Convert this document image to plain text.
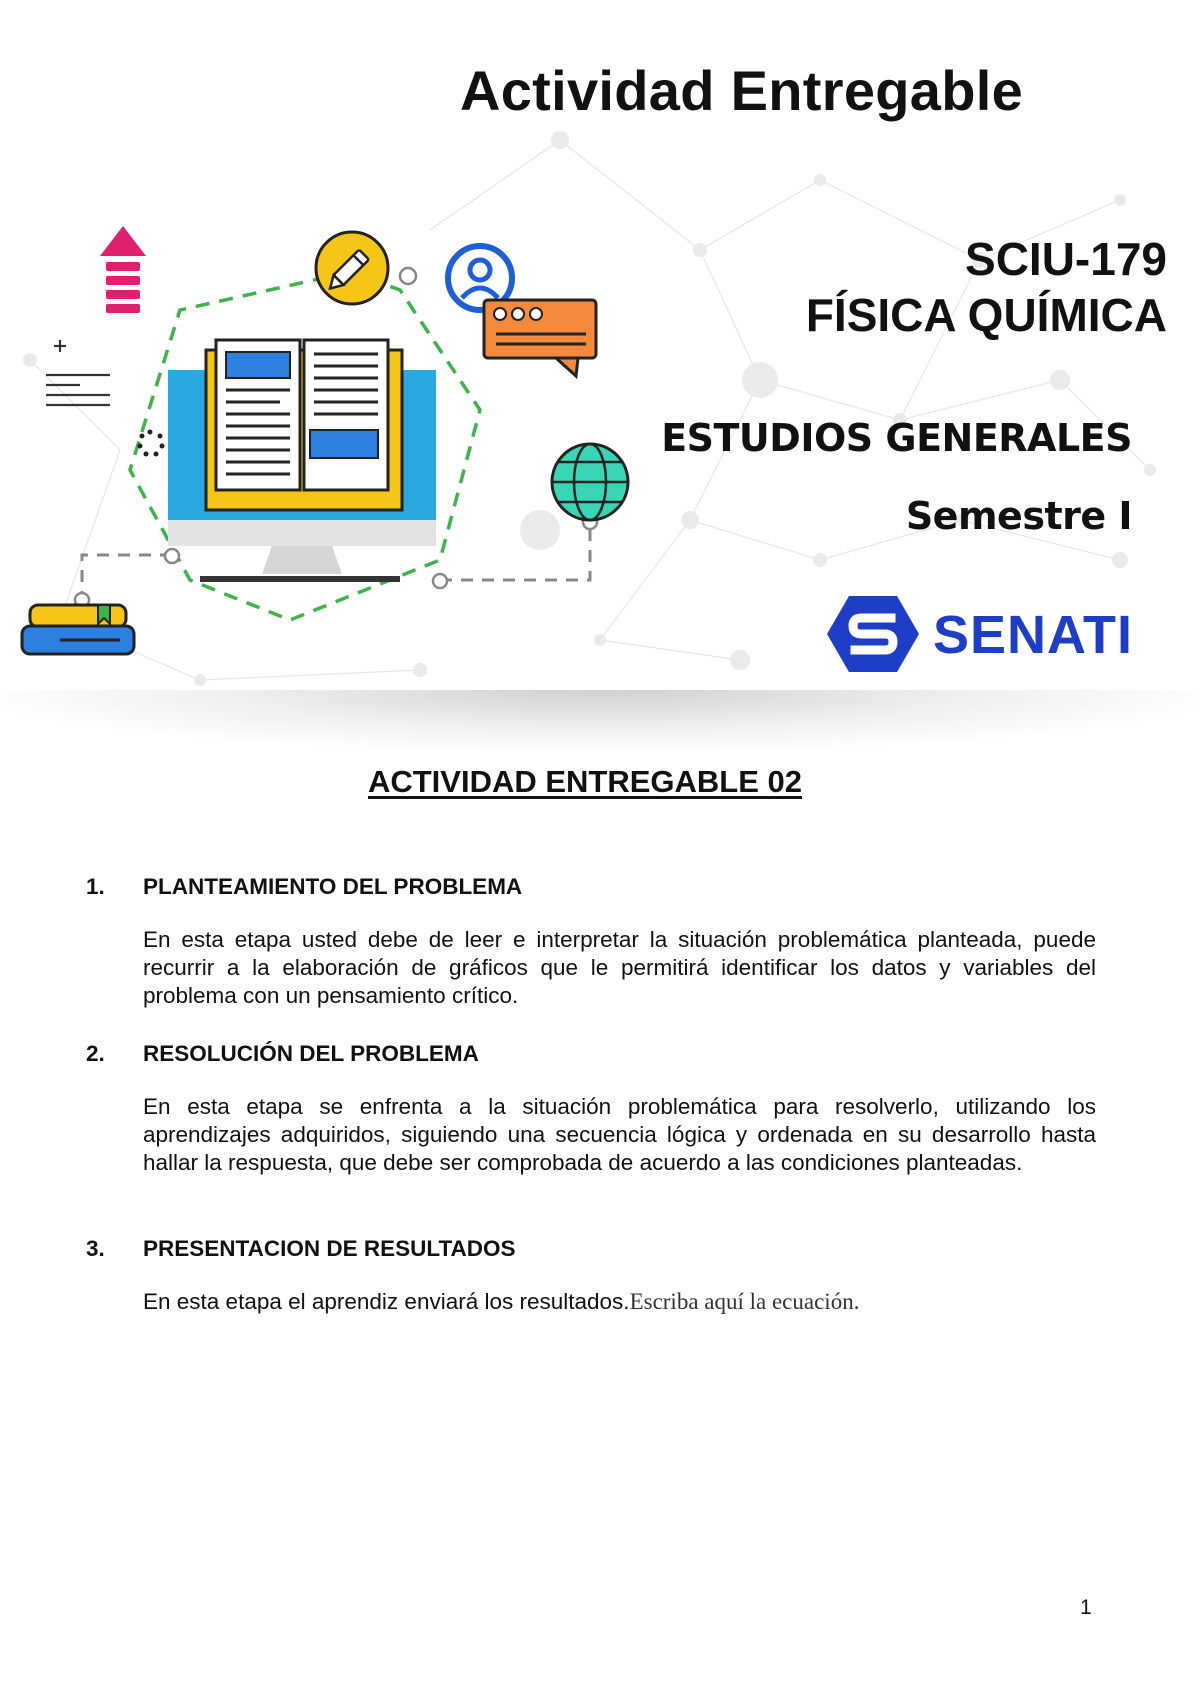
Actividad Entregable
SCIU-179
FÍSICA QUÍMICA
ESTUDIOS GENERALES
Semestre I
SENATI
ACTIVIDAD ENTREGABLE 02
1.	PLANTEAMIENTO DEL PROBLEMA
En esta etapa usted debe de leer e interpretar la situación problemática planteada, puede recurrir a la elaboración de gráficos que le permitirá identificar los datos y variables del problema con un pensamiento crítico.
2.	RESOLUCIÓN DEL PROBLEMA
En esta etapa se enfrenta a la situación problemática para resolverlo, utilizando los aprendizajes adquiridos, siguiendo una secuencia lógica y ordenada en su desarrollo hasta hallar la respuesta, que debe ser comprobada de acuerdo a las condiciones planteadas.
3.	PRESENTACION DE RESULTADOS
En esta etapa el aprendiz enviará los resultados.Escriba aquí la ecuación.
1
